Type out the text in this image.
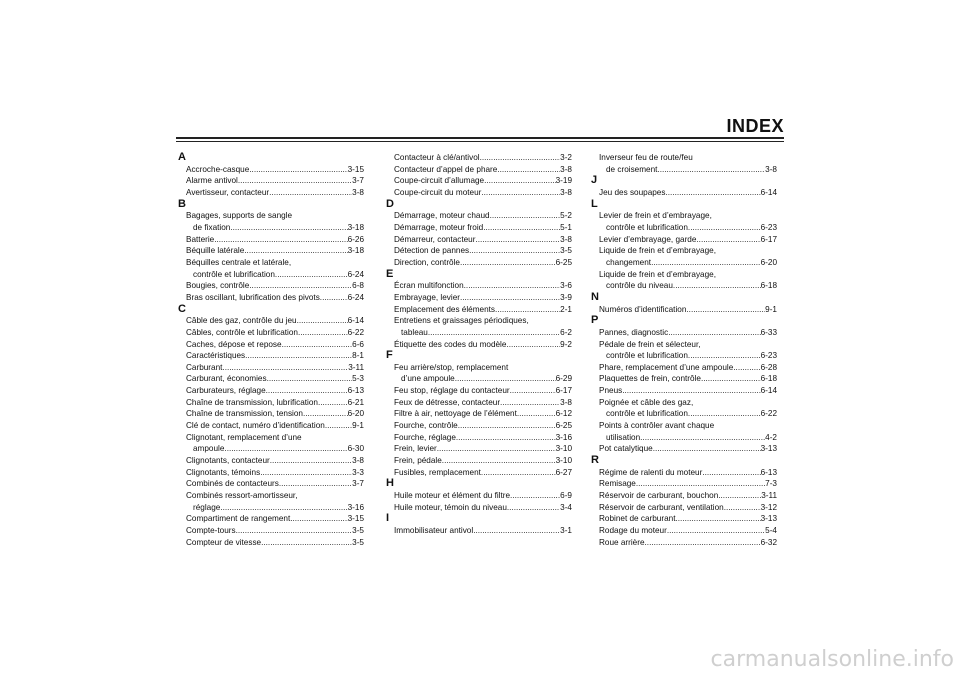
INDEX
A
Accroche-casque .....	3-15
Alarme antivol .....	3-7
Avertisseur, contacteur .....	3-8
B
Bagages, supports de sangle
de fixation .....	3-18
Batterie .....	6-26
Béquille latérale .....	3-18
Béquilles centrale et latérale,
contrôle et lubrification .....	6-24
Bougies, contrôle .....	6-8
Bras oscillant, lubrification des pivots .....	6-24
C
Câble des gaz, contrôle du jeu .....	6-14
Câbles, contrôle et lubrification .....	6-22
Caches, dépose et repose .....	6-6
Caractéristiques .....	8-1
Carburant .....	3-11
Carburant, économies .....	5-3
Carburateurs, réglage .....	6-13
Chaîne de transmission, lubrification .....	6-21
Chaîne de transmission, tension .....	6-20
Clé de contact, numéro d’identification .....	9-1
Clignotant, remplacement d’une
ampoule .....	6-30
Clignotants, contacteur .....	3-8
Clignotants, témoins .....	3-3
Combinés de contacteurs .....	3-7
Combinés ressort-amortisseur,
réglage .....	3-16
Compartiment de rangement .....	3-15
Compte-tours .....	3-5
Compteur de vitesse .....	3-5
Contacteur à clé/antivol .....	3-2
Contacteur d’appel de phare .....	3-8
Coupe-circuit d’allumage .....	3-19
Coupe-circuit du moteur .....	3-8
D
Démarrage, moteur chaud .....	5-2
Démarrage, moteur froid .....	5-1
Démarreur, contacteur .....	3-8
Détection de pannes .....	3-5
Direction, contrôle .....	6-25
E
Écran multifonction .....	3-6
Embrayage, levier .....	3-9
Emplacement des éléments .....	2-1
Entretiens et graissages périodiques,
tableau .....	6-2
Étiquette des codes du modèle .....	9-2
F
Feu arrière/stop, remplacement
d’une ampoule .....	6-29
Feu stop, réglage du contacteur .....	6-17
Feux de détresse, contacteur .....	3-8
Filtre à air, nettoyage de l’élément .....	6-12
Fourche, contrôle .....	6-25
Fourche, réglage .....	3-16
Frein, levier .....	3-10
Frein, pédale .....	3-10
Fusibles, remplacement .....	6-27
H
Huile moteur et élément du filtre .....	6-9
Huile moteur, témoin du niveau .....	3-4
I
Immobilisateur antivol .....	3-1
Inverseur feu de route/feu
de croisement .....	3-8
J
Jeu des soupapes .....	6-14
L
Levier de frein et d’embrayage,
contrôle et lubrification .....	6-23
Levier d’embrayage, garde .....	6-17
Liquide de frein et d’embrayage,
changement .....	6-20
Liquide de frein et d’embrayage,
contrôle du niveau .....	6-18
N
Numéros d’identification .....	9-1
P
Pannes, diagnostic .....	6-33
Pédale de frein et sélecteur,
contrôle et lubrification .....	6-23
Phare, remplacement d’une ampoule .....	6-28
Plaquettes de frein, contrôle .....	6-18
Pneus .....	6-14
Poignée et câble des gaz,
contrôle et lubrification .....	6-22
Points à contrôler avant chaque
utilisation .....	4-2
Pot catalytique .....	3-13
R
Régime de ralenti du moteur .....	6-13
Remisage .....	7-3
Réservoir de carburant, bouchon .....	3-11
Réservoir de carburant, ventilation .....	3-12
Robinet de carburant .....	3-13
Rodage du moteur .....	5-4
Roue arrière .....	6-32
carmanualsonline.info
